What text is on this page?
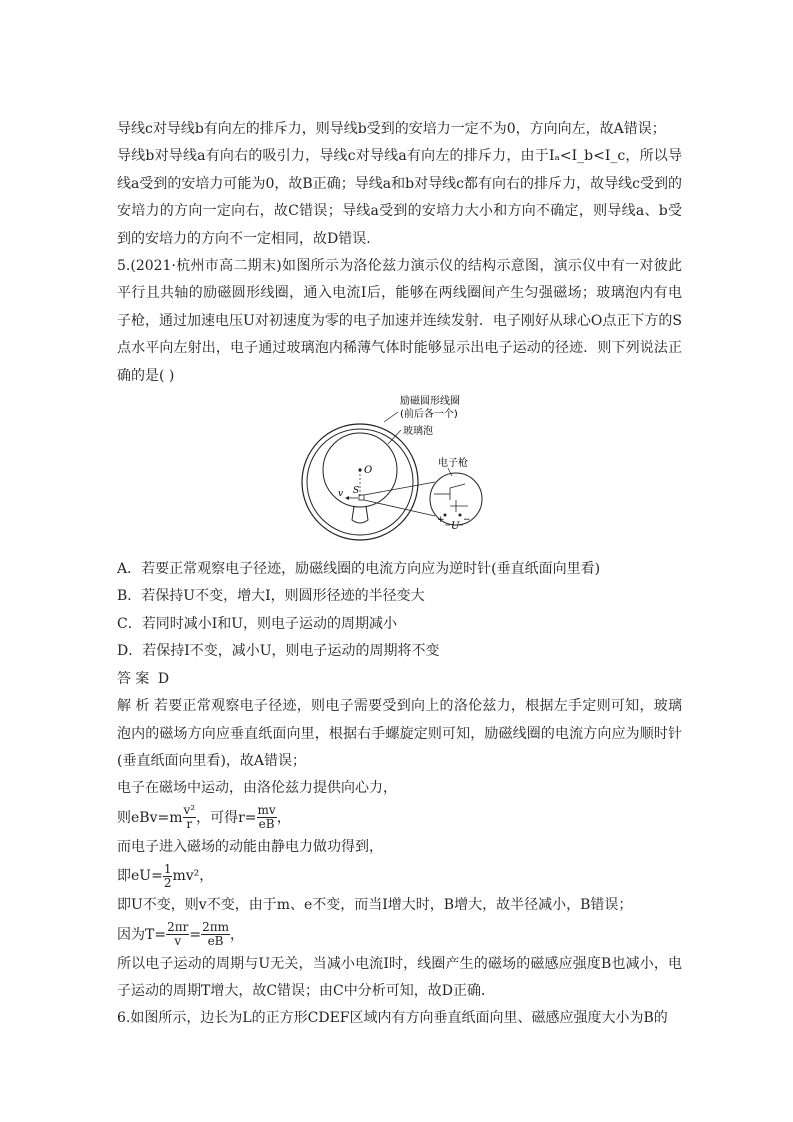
导线c对导线b有向左的排斥力，则导线b受到的安培力一定不为0，方向向左，故A错误；

导线b对导线a有向右的吸引力，导线c对导线a有向左的排斥力，由于Iₐ<I_b<I_c，所以导线a受到的安培力可能为0，故B正确；导线a和b对导线c都有向右的排斥力，故导线c受到的安培力的方向一定向右，故C错误；导线a受到的安培力大小和方向不确定，则导线a、b受到的安培力的方向不一定相同，故D错误.

5.(2021·杭州市高二期末)如图所示为洛伦兹力演示仪的结构示意图，演示仪中有一对彼此平行且共轴的励磁圆形线圈，通入电流I后，能够在两线圈间产生匀强磁场；玻璃泡内有电子枪，通过加速电压U对初速度为零的电子加速并连续发射．电子刚好从球心O点正下方的S点水平向左射出，电子通过玻璃泡内稀薄气体时能够显示出电子运动的径迹．则下列说法正确的是( )

v S
O
+ −
U
励磁圆形线圈
(前后各一个)
玻璃泡
电子枪

A．若要正常观察电子径迹，励磁线圈的电流方向应为逆时针(垂直纸面向里看)

B．若保持U不变，增大I，则圆形径迹的半径变大

C．若同时减小I和U，则电子运动的周期减小

D．若保持I不变，减小U，则电子运动的周期将不变

答案 D

解析若要正常观察电子径迹，则电子需要受到向上的洛伦兹力，根据左手定则可知，玻璃泡内的磁场方向应垂直纸面向里，根据右手螺旋定则可知，励磁线圈的电流方向应为顺时针(垂直纸面向里看)，故A错误；

电子在磁场中运动，由洛伦兹力提供向心力，

则$eBv=m \frac{\text{v²}}{r}$ ，可得$r= \frac{mv}{eB}$ ，

而电子进入磁场的动能由静电力做功得到，

即$eU= \frac{1}{2} mv^2$，

即U不变，则v不变，由于m、e不变，而当I增大时，B增大，故半径减小，B错误；

因为$T= \frac{2\pi r}{v} = \frac{2\pi m}{eB}$ ，

所以电子运动的周期与U无关，当减小电流I时，线圈产生的磁场的磁感应强度B也减小，电子运动的周期T增大，故C错误；由C中分析可知，故D正确．

6.如图所示，边长为L的正方形CDEF区域内有方向垂直纸面向里、磁感应强度大小为B的
